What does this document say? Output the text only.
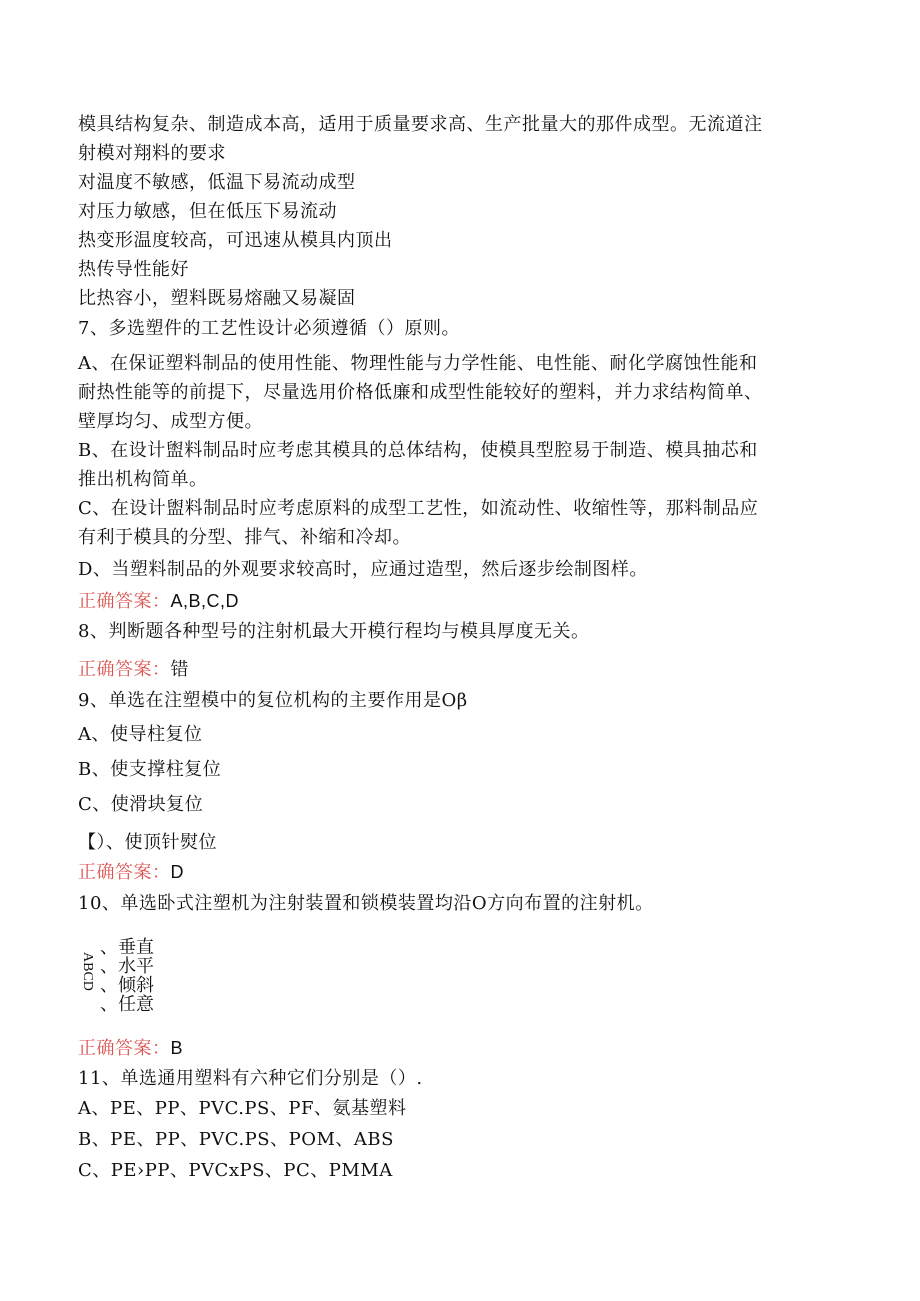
模具结构复杂、制造成本高，适用于质量要求高、生产批量大的那件成型。无流道注
射模对翔料的要求
对温度不敏感，低温下易流动成型
对压力敏感，但在低压下易流动
热变形温度较高，可迅速从模具内顶出
热传导性能好
比热容小，塑料既易熔融又易凝固
7、多选塑件的工艺性设计必须遵循（）原则。
A、在保证塑料制品的使用性能、物理性能与力学性能、电性能、耐化学腐蚀性能和
耐热性能等的前提下，尽量选用价格低廉和成型性能较好的塑料，并力求结构简单、
壁厚均匀、成型方便。
B、在设计盥料制品时应考虑其模具的总体结构，使模具型腔易于制造、模具抽芯和
推出机构简单。
C、在设计盥料制品时应考虑原料的成型工艺性，如流动性、收缩性等，那料制品应
有利于模具的分型、排气、补缩和冷却。
D、当塑料制品的外观要求较高时，应通过造型，然后逐步绘制图样。
正确答案：A,B,C,D
8、判断题各种型号的注射机最大开模行程均与模具厚度无关。
正确答案：错
9、单选在注塑模中的复位机构的主要作用是Oβ
A、使导柱复位
B、使支撑柱复位
C、使滑块复位
【）、使顶针熨位
正确答案：D
10、单选卧式注塑机为注射装置和锁模装置均沿O方向布置的注射机。
ABCD
、垂直
、水平
、倾斜
、任意
正确答案：B
11、单选通用塑料有六种它们分别是（）.
A、PE、PP、PVC.PS、PF、氨基塑料
B、PE、PP、PVC.PS、POM、ABS
C、PE›PP、PVCxPS、PC、PMMA
